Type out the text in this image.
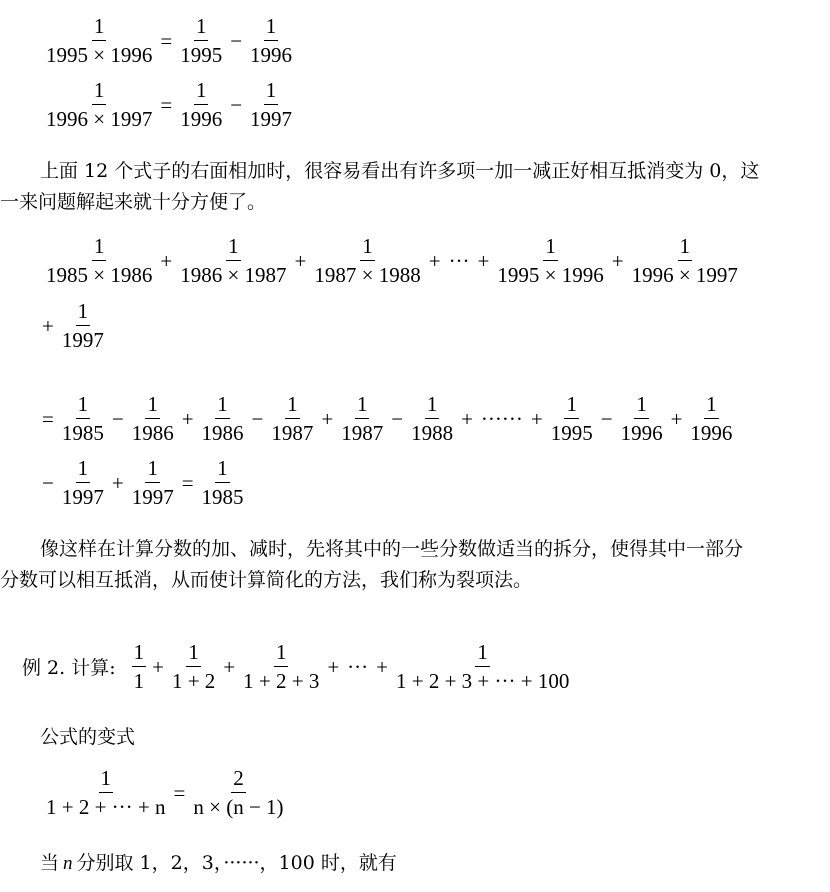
$\frac{1}{1995 \times 1996} = \frac{1}{1995} - \frac{1}{1996}$
$\frac{1}{1996 \times 1997} = \frac{1}{1996} - \frac{1}{1997}$
上面 12 个式子的右面相加时，很容易看出有许多项一加一减正好相互抵消变为 0，这
一来问题解起来就十分方便了。
$\frac{1}{1985 \times 1986} + \frac{1}{1986 \times 1987} + \frac{1}{1987 \times 1988}$ + ··· + $\frac{1}{1995 \times 1996} + \frac{1}{1996 \times 1997}$
+ $\frac{1}{1997}$
= $\frac{1}{1985} - \frac{1}{1986} + \frac{1}{1986} - \frac{1}{1987} + \frac{1}{1987} - \frac{1}{1988}$ + ······ + $\frac{1}{1995} - \frac{1}{1996} + \frac{1}{1996}$
− $\frac{1}{1997} + \frac{1}{1997} = \frac{1}{1985}$
像这样在计算分数的加、减时，先将其中的一些分数做适当的拆分，使得其中一部分
分数可以相互抵消，从而使计算简化的方法，我们称为裂项法。
例 2. 计算: $\frac{1}{1} + \frac{1}{1 + 2} + \frac{1}{1 + 2 + 3}$ + ··· + $\frac{1}{1 + 2 + 3 + \cdot\cdot\cdot + 100}$
公式的变式
$\frac{1}{1 + 2 + \cdot\cdot\cdot + n} = \frac{2}{n \times (n - 1)}$
当 n 分别取 1，2，3，······，100 时，就有
